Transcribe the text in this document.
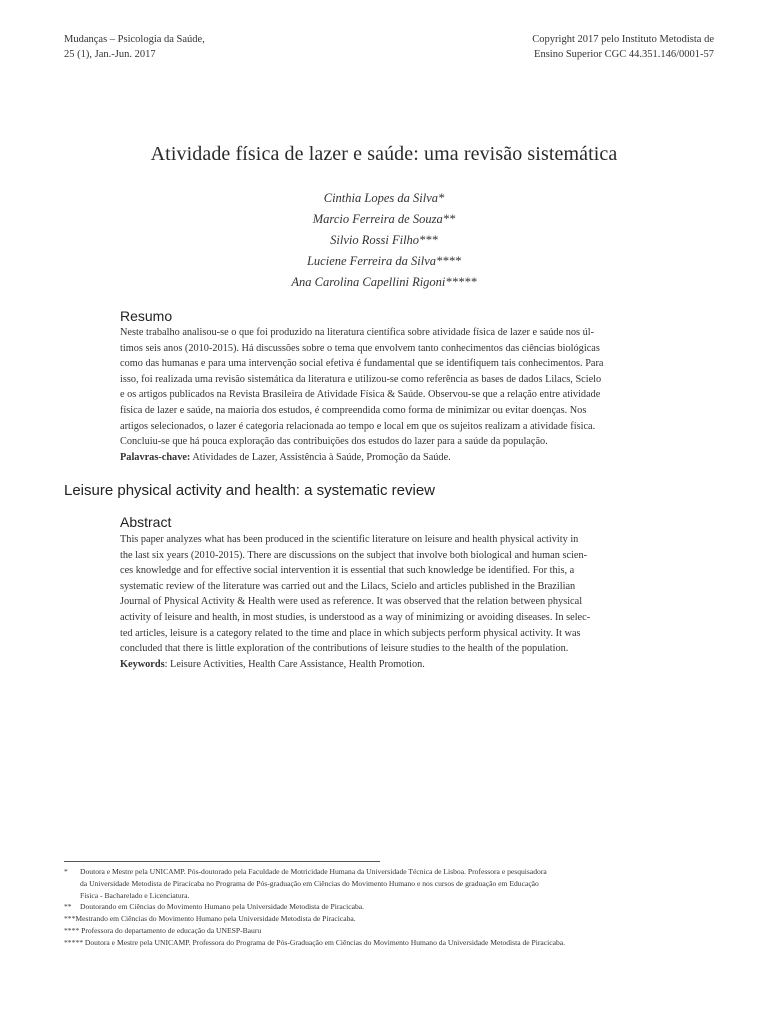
Mudanças – Psicologia da Saúde,
25 (1), Jan.-Jun. 2017
Copyright 2017 pelo Instituto Metodista de
Ensino Superior CGC 44.351.146/0001-57
Atividade física de lazer e saúde: uma revisão sistemática
Cinthia Lopes da Silva*
Marcio Ferreira de Souza**
Silvio Rossi Filho***
Luciene Ferreira da Silva****
Ana Carolina Capellini Rigoni*****
Resumo
Neste trabalho analisou-se o que foi produzido na literatura científica sobre atividade física de lazer e saúde nos úl-
timos seis anos (2010-2015). Há discussões sobre o tema que envolvem tanto conhecimentos das ciências biológicas
como das humanas e para uma intervenção social efetiva é fundamental que se identifiquem tais conhecimentos. Para
isso, foi realizada uma revisão sistemática da literatura e utilizou-se como referência as bases de dados Lilacs, Scielo
e os artigos publicados na Revista Brasileira de Atividade Física & Saúde. Observou-se que a relação entre atividade
física de lazer e saúde, na maioria dos estudos, é compreendida como forma de minimizar ou evitar doenças. Nos
artigos selecionados, o lazer é categoria relacionada ao tempo e local em que os sujeitos realizam a atividade física.
Concluiu-se que há pouca exploração das contribuições dos estudos do lazer para a saúde da população.
Palavras-chave: Atividades de Lazer, Assistência à Saúde, Promoção da Saúde.
Leisure physical activity and health: a systematic review
Abstract
This paper analyzes what has been produced in the scientific literature on leisure and health physical activity in
the last six years (2010-2015). There are discussions on the subject that involve both biological and human scien-
ces knowledge and for effective social intervention it is essential that such knowledge be identified. For this, a
systematic review of the literature was carried out and the Lilacs, Scielo and articles published in the Brazilian
Journal of Physical Activity & Health were used as reference. It was observed that the relation between physical
activity of leisure and health, in most studies, is understood as a way of minimizing or avoiding diseases. In selec-
ted articles, leisure is a category related to the time and place in which subjects perform physical activity. It was
concluded that there is little exploration of the contributions of leisure studies to the health of the population.
Keywords: Leisure Activities, Health Care Assistance, Health Promotion.
*	Doutora e Mestre pela UNICAMP. Pós-doutorado pela Faculdade de Motricidade Humana da Universidade Técnica de Lisboa. Professora e pesquisadora
da Universidade Metodista de Piracicaba no Programa de Pós-graduação em Ciências do Movimento Humano e nos cursos de graduação em Educação
Física - Bacharelado e Licenciatura.
**	Doutorando em Ciências do Movimento Humano pela Universidade Metodista de Piracicaba.
*** Mestrando em Ciências do Movimento Humano pela Universidade Metodista de Piracicaba.
****
Professora do departamento de educação da UNESP-Bauru
*****
Doutora e Mestre pela UNICAMP. Professora do Programa de Pós-Graduação em Ciências do Movimento Humano da Universidade Metodista de Piracicaba.
